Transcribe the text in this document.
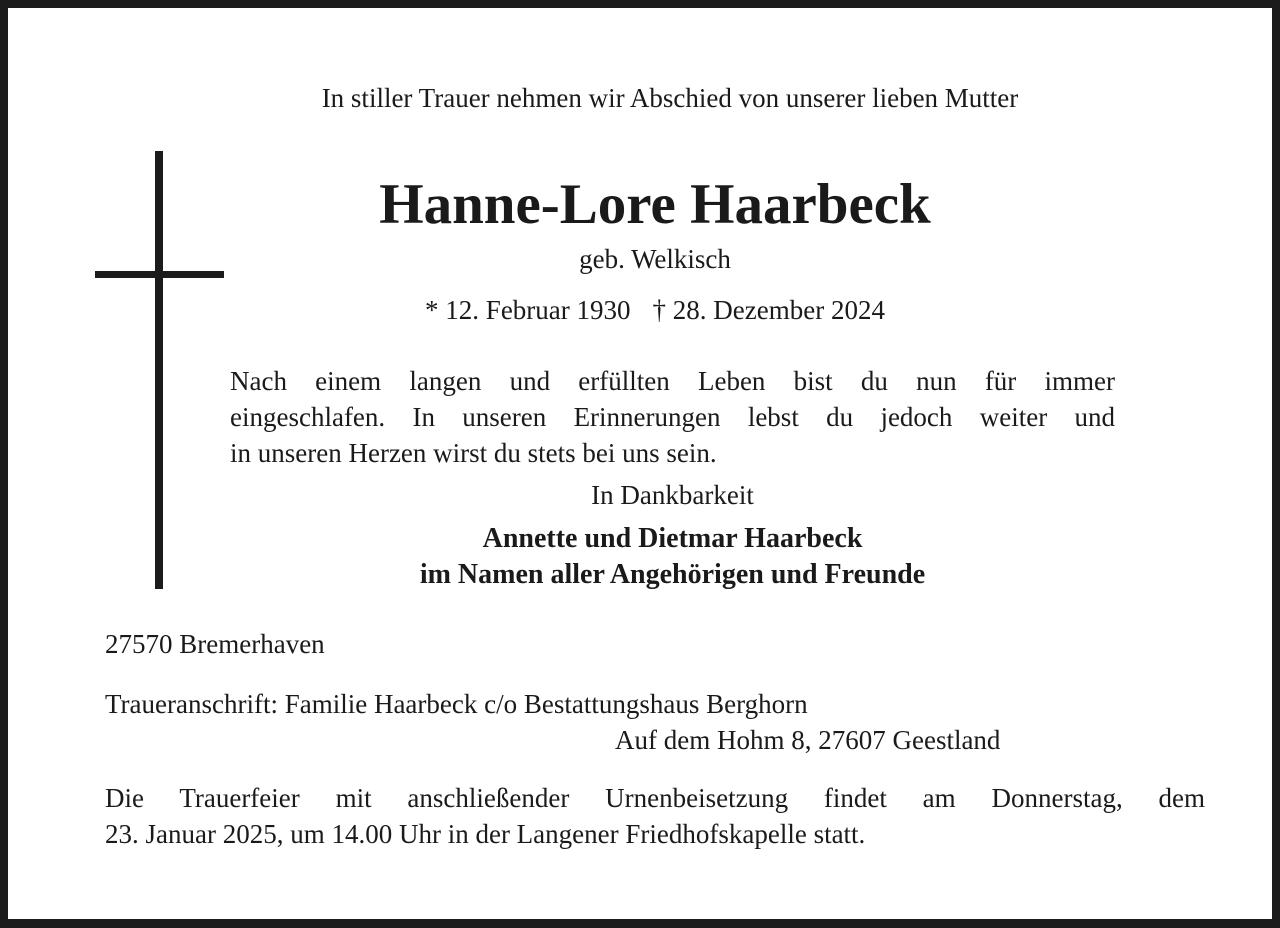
In stiller Trauer nehmen wir Abschied von unserer lieben Mutter
Hanne-Lore Haarbeck
geb. Welkisch
* 12. Februar 1930 † 28. Dezember 2024
Nach einem langen und erfüllten Leben bist du nun für immer
eingeschlafen. In unseren Erinnerungen lebst du jedoch weiter und
in unseren Herzen wirst du stets bei uns sein.
In Dankbarkeit
Annette und Dietmar Haarbeck
im Namen aller Angehörigen und Freunde
27570 Bremerhaven
Traueranschrift: Familie Haarbeck c/o Bestattungshaus Berghorn
Auf dem Hohm 8, 27607 Geestland
Die Trauerfeier mit anschließender Urnenbeisetzung findet am Donnerstag, dem
23. Januar 2025, um 14.00 Uhr in der Langener Friedhofskapelle statt.
